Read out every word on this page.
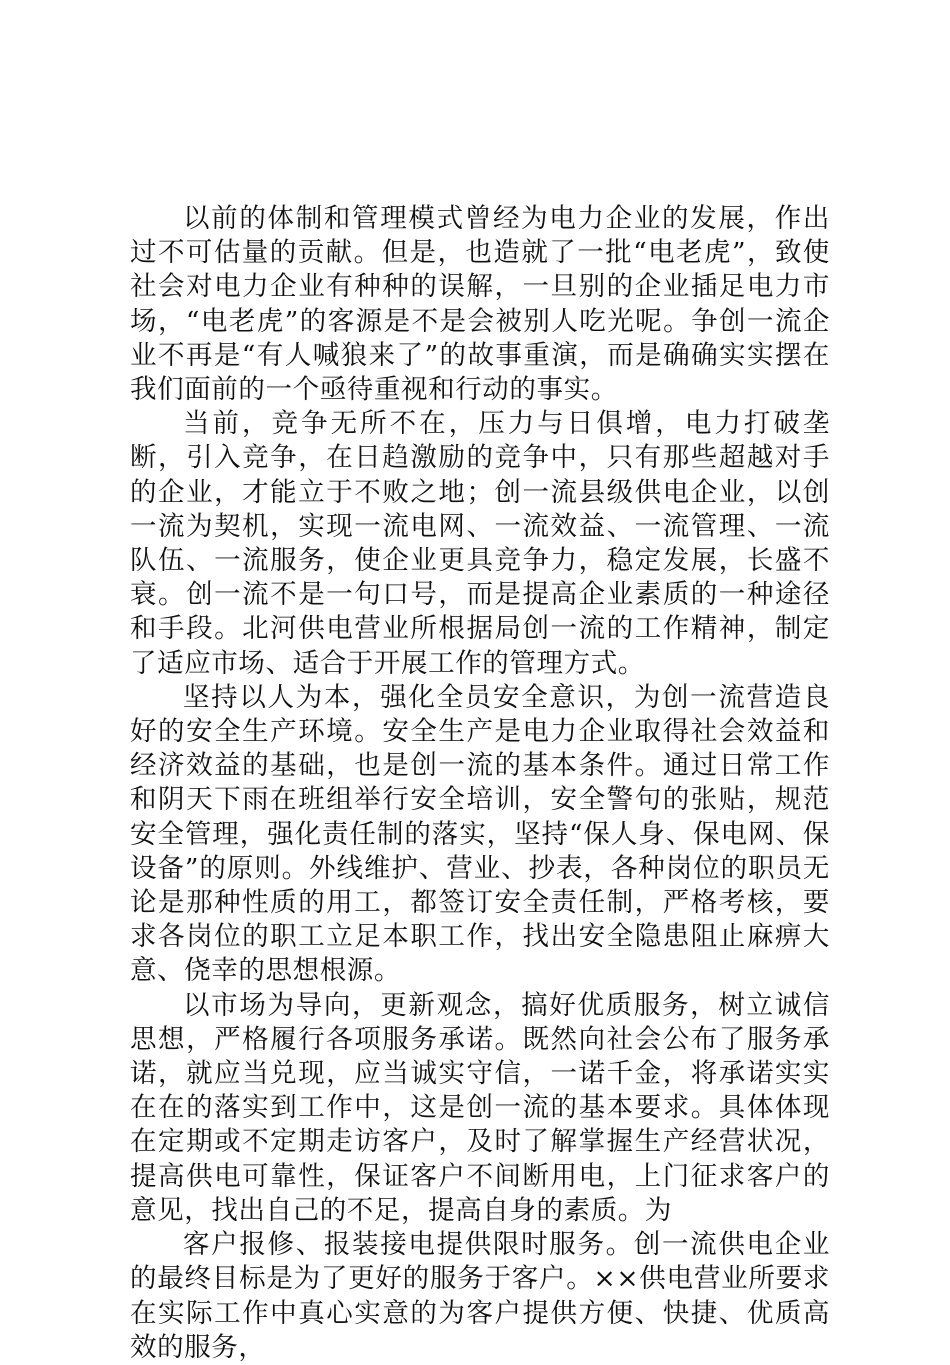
以前的体制和管理模式曾经为电力企业的发展，作出过不可估量的贡献。但是，也造就了一批“电老虎”，致使社会对电力企业有种种的误解，一旦别的企业插足电力市场，“电老虎”的客源是不是会被别人吃光呢。争创一流企业不再是“有人喊狼来了”的故事重演，而是确确实实摆在我们面前的一个亟待重视和行动的事实。

当前，竞争无所不在，压力与日俱增，电力打破垄断，引入竞争，在日趋激励的竞争中，只有那些超越对手的企业，才能立于不败之地；创一流县级供电企业，以创一流为契机，实现一流电网、一流效益、一流管理、一流队伍、一流服务，使企业更具竞争力，稳定发展，长盛不衰。创一流不是一句口号，而是提高企业素质的一种途径和手段。北河供电营业所根据局创一流的工作精神，制定了适应市场、适合于开展工作的管理方式。

坚持以人为本，强化全员安全意识，为创一流营造良好的安全生产环境。安全生产是电力企业取得社会效益和经济效益的基础，也是创一流的基本条件。通过日常工作和阴天下雨在班组举行安全培训，安全警句的张贴，规范安全管理，强化责任制的落实，坚持“保人身、保电网、保设备”的原则。外线维护、营业、抄表，各种岗位的职员无论是那种性质的用工，都签订安全责任制，严格考核，要求各岗位的职工立足本职工作，找出安全隐患阻止麻痹大意、侥幸的思想根源。

以市场为导向，更新观念，搞好优质服务，树立诚信思想，严格履行各项服务承诺。既然向社会公布了服务承诺，就应当兑现，应当诚实守信，一诺千金，将承诺实实在在的落实到工作中，这是创一流的基本要求。具体体现在定期或不定期走访客户，及时了解掌握生产经营状况，提高供电可靠性，保证客户不间断用电，上门征求客户的意见，找出自己的不足，提高自身的素质。为

客户报修、报装接电提供限时服务。创一流供电企业的最终目标是为了更好的服务于客户。××供电营业所要求在实际工作中真心实意的为客户提供方便、快捷、优质高效的服务，
